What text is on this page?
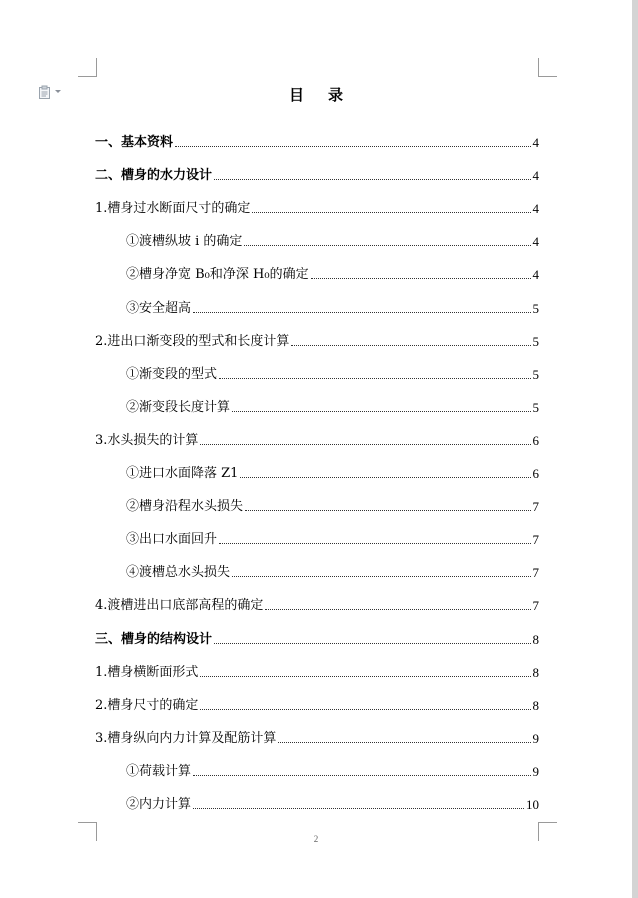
目录
一、基本资料	4
二、槽身的水力设计	4
1.槽身过水断面尺寸的确定	4
①渡槽纵坡 i 的确定	4
②槽身净宽 B₀和净深 H₀的确定	4
③安全超高	5
2.进出口渐变段的型式和长度计算	5
①渐变段的型式	5
②渐变段长度计算	5
3.水头损失的计算	6
①进口水面降落 Z1	6
②槽身沿程水头损失	7
③出口水面回升	7
④渡槽总水头损失	7
4.渡槽进出口底部高程的确定	7
三、槽身的结构设计	8
1.槽身横断面形式	8
2.槽身尺寸的确定	8
3.槽身纵向内力计算及配筋计算	9
①荷载计算	9
②内力计算	10
2
